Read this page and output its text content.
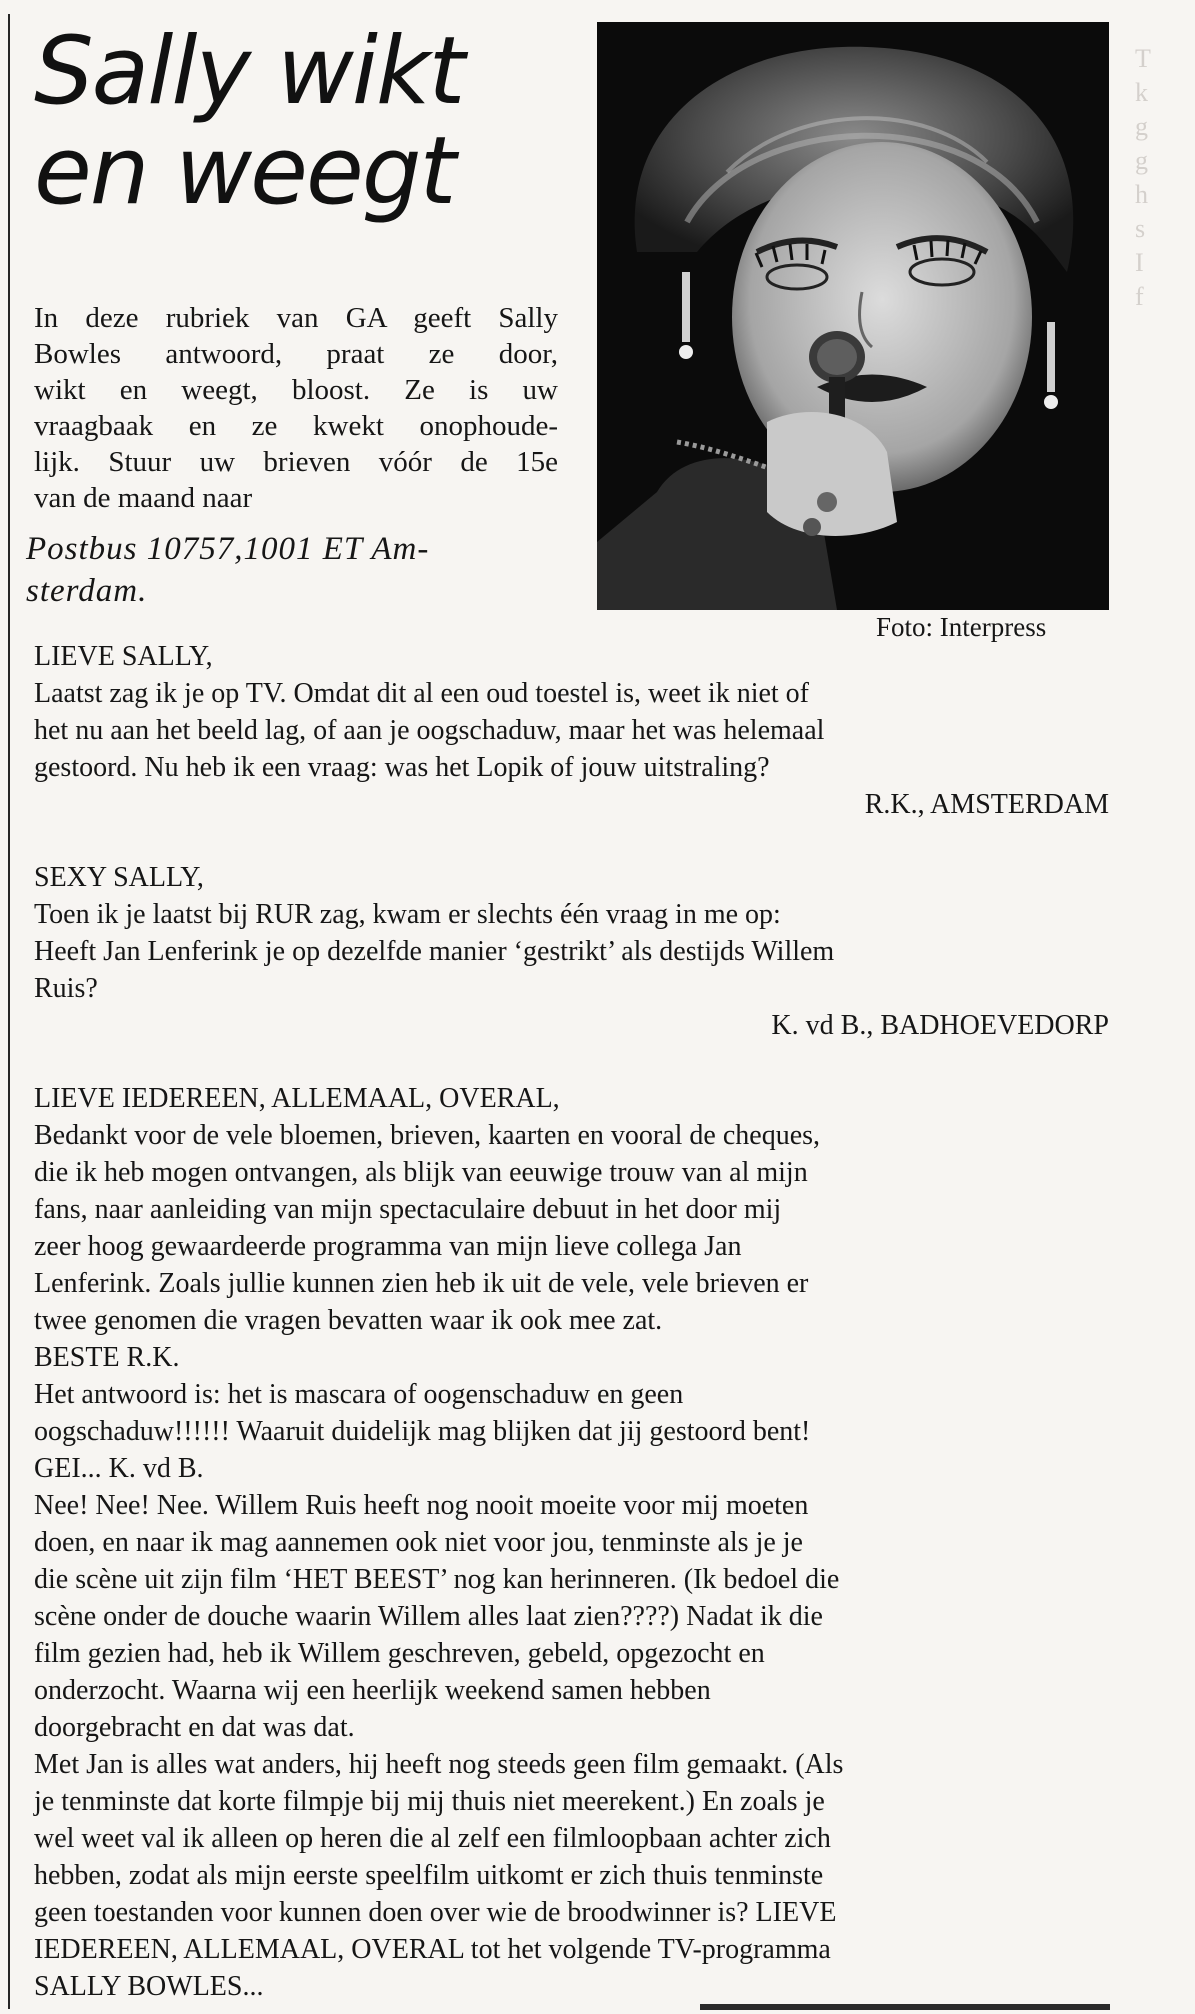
T
k
g
g
h
s
I
f

Sally wikt
en weegt
In deze rubriek van GA geeft Sally
Bowles antwoord, praat ze door,
wikt en weegt, bloost. Ze is uw
vraagbaak en ze kwekt onophoude-
lijk. Stuur uw brieven vóór de 15e
van de maand naar
Postbus 10757,1001 ET Am-
sterdam.
Foto: Interpress
LIEVE SALLY,
Laatst zag ik je op TV. Omdat dit al een oud toestel is, weet ik niet of
het nu aan het beeld lag, of aan je oogschaduw, maar het was helemaal
gestoord. Nu heb ik een vraag: was het Lopik of jouw uitstraling?
R.K., AMSTERDAM
SEXY SALLY,
Toen ik je laatst bij RUR zag, kwam er slechts één vraag in me op:
Heeft Jan Lenferink je op dezelfde manier ‘gestrikt’ als destijds Willem
Ruis?
K. vd B., BADHOEVEDORP
LIEVE IEDEREEN, ALLEMAAL, OVERAL,
Bedankt voor de vele bloemen, brieven, kaarten en vooral de cheques,
die ik heb mogen ontvangen, als blijk van eeuwige trouw van al mijn
fans, naar aanleiding van mijn spectaculaire debuut in het door mij
zeer hoog gewaardeerde programma van mijn lieve collega Jan
Lenferink. Zoals jullie kunnen zien heb ik uit de vele, vele brieven er
twee genomen die vragen bevatten waar ik ook mee zat.
BESTE R.K.
Het antwoord is: het is mascara of oogenschaduw en geen
oogschaduw!!!!!! Waaruit duidelijk mag blijken dat jij gestoord bent!
GEI... K. vd B.
Nee! Nee! Nee. Willem Ruis heeft nog nooit moeite voor mij moeten
doen, en naar ik mag aannemen ook niet voor jou, tenminste als je je
die scène uit zijn film ‘HET BEEST’ nog kan herinneren. (Ik bedoel die
scène onder de douche waarin Willem alles laat zien????) Nadat ik die
film gezien had, heb ik Willem geschreven, gebeld, opgezocht en
onderzocht. Waarna wij een heerlijk weekend samen hebben
doorgebracht en dat was dat.
Met Jan is alles wat anders, hij heeft nog steeds geen film gemaakt. (Als
je tenminste dat korte filmpje bij mij thuis niet meerekent.) En zoals je
wel weet val ik alleen op heren die al zelf een filmloopbaan achter zich
hebben, zodat als mijn eerste speelfilm uitkomt er zich thuis tenminste
geen toestanden voor kunnen doen over wie de broodwinner is? LIEVE
IEDEREEN, ALLEMAAL, OVERAL tot het volgende TV-programma
SALLY BOWLES...
